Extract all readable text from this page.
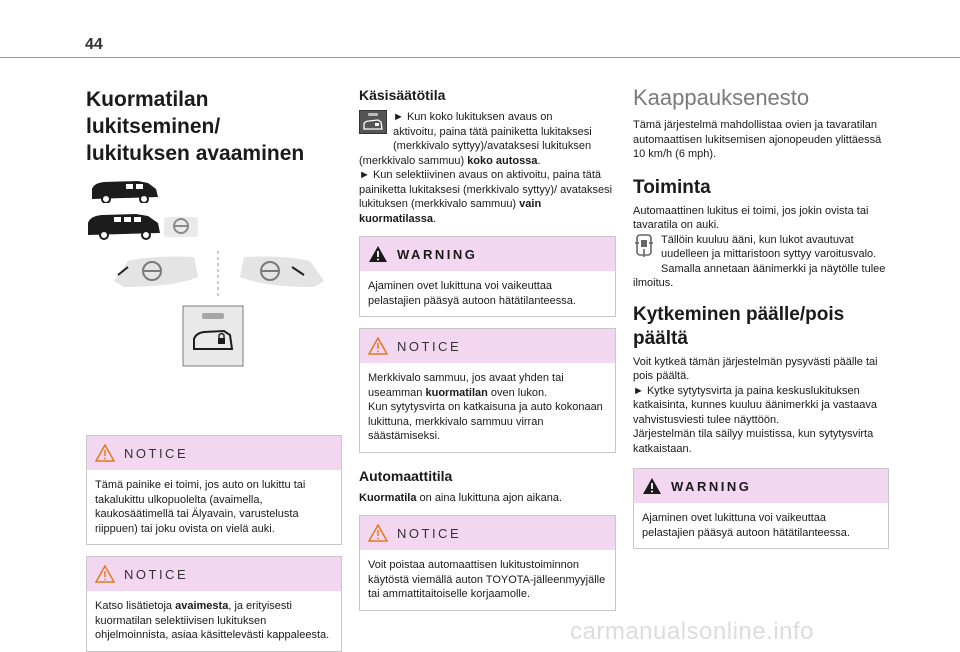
44
Kuormatilan lukitseminen/
lukituksen avaaminen
NOTICE
Tämä painike ei toimi, jos auto on lukittu tai takalukittu ulkopuolelta (avaimella, kaukosäätimellä tai Älyavain, varustelusta riippuen) tai joku ovista on vielä auki.
NOTICE
Katso lisätietoja avaimesta, ja erityisesti kuormatilan selektiivisen lukituksen ohjelmoinnista, asiaa käsittelevästi kappaleesta.
Käsisäätötila

► Kun koko lukituksen avaus on
aktivoitu, paina tätä painiketta lukitaksesi (merkkivalo syttyy)/avataksesi lukituksen (merkkivalo sammuu) koko autossa.

► Kun selektiivinen avaus on aktivoitu, paina tätä painiketta lukitaksesi (merkkivalo syttyy)/ avataksesi lukituksen (merkkivalo sammuu) vain kuormatilassa.

WARNING
Ajaminen ovet lukittuna voi vaikeuttaa pelastajien pääsyä autoon hätätilanteessa.
NOTICE
Merkkivalo sammuu, jos avaat yhden tai useamman kuormatilan oven lukon.
Kun sytytysvirta on katkaisuna ja auto kokonaan lukittuna, merkkivalo sammuu virran säästämiseksi.
Automaattitila

Kuormatila on aina lukittuna ajon aikana.

NOTICE
Voit poistaa automaattisen lukitustoiminnon käytöstä viemällä auton TOYOTA-jälleenmyyjälle tai ammattitaitoiselle korjaamolle.
Kaappauksenesto

Tämä järjestelmä mahdollistaa ovien ja tavaratilan automaattisen lukitsemisen ajonopeuden ylittäessä 10 km/h (6 mph).

Toiminta

Automaattinen lukitus ei toimi, jos jokin ovista tai tavaratila on auki.

Tällöin kuuluu ääni, kun lukot avautuvat uudelleen ja mittaristoon syttyy varoitusvalo. Samalla annetaan äänimerkki ja näytölle tulee ilmoitus.

Kytkeminen päälle/pois
päältä

Voit kytkeä tämän järjestelmän pysyvästi päälle tai pois päältä.

► Kytke sytytysvirta ja paina keskuslukituksen katkaisinta, kunnes kuuluu äänimerkki ja vastaava vahvistusviesti tulee näyttöön.

Järjestelmän tila säilyy muistissa, kun sytytysvirta katkaistaan.

WARNING
Ajaminen ovet lukittuna voi vaikeuttaa pelastajien pääsyä autoon hätätilanteessa.
carmanualsonline.info
